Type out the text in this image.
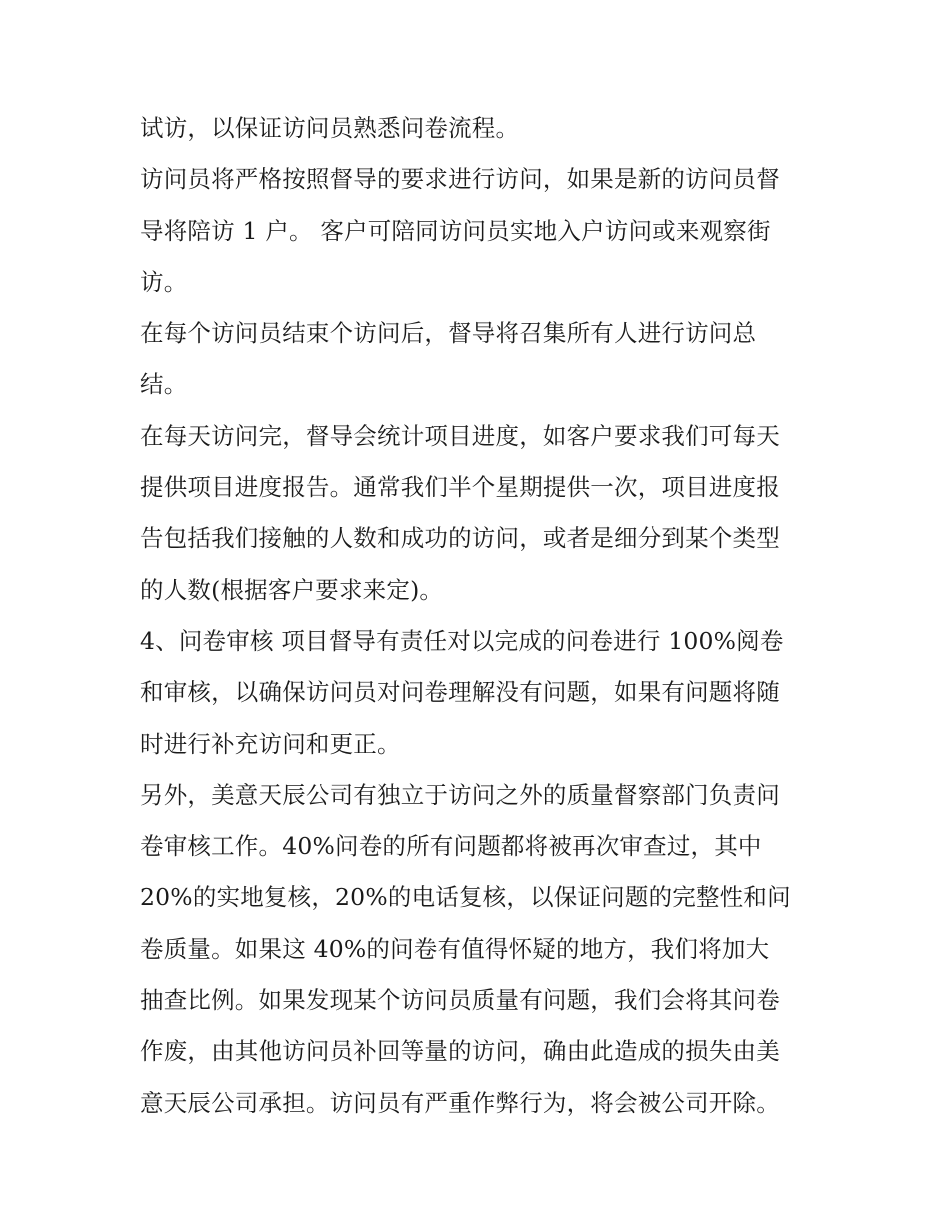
试访，以保证访问员熟悉问卷流程。
访问员将严格按照督导的要求进行访问，如果是新的访问员督
导将陪访 1 户。 客户可陪同访问员实地入户访问或来观察街
访。
在每个访问员结束个访问后，督导将召集所有人进行访问总
结。
在每天访问完，督导会统计项目进度，如客户要求我们可每天
提供项目进度报告。通常我们半个星期提供一次，项目进度报
告包括我们接触的人数和成功的访问，或者是细分到某个类型
的人数(根据客户要求来定)。
4、问卷审核 项目督导有责任对以完成的问卷进行 100%阅卷
和审核，以确保访问员对问卷理解没有问题，如果有问题将随
时进行补充访问和更正。
另外，美意天辰公司有独立于访问之外的质量督察部门负责问
卷审核工作。40%问卷的所有问题都将被再次审查过，其中
20%的实地复核，20%的电话复核，以保证问题的完整性和问
卷质量。如果这 40%的问卷有值得怀疑的地方，我们将加大
抽查比例。如果发现某个访问员质量有问题，我们会将其问卷
作废，由其他访问员补回等量的访问，确由此造成的损失由美
意天辰公司承担。访问员有严重作弊行为，将会被公司开除。
